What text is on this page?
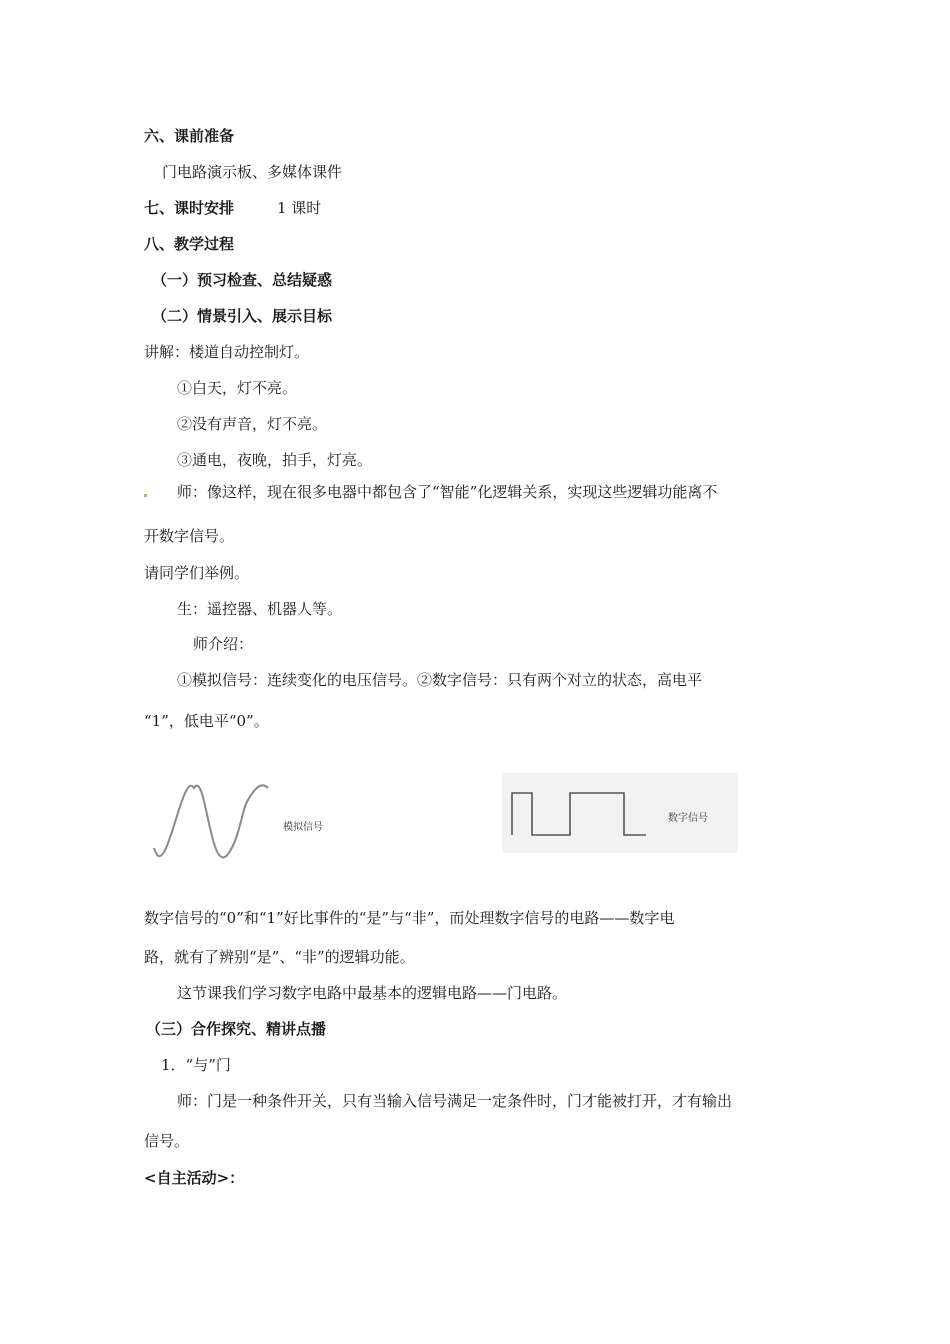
六、课前准备
门电路演示板、多媒体课件
七、课时安排	1 课时
八、教学过程
（一）预习检查、总结疑惑
（二）情景引入、展示目标
讲解：楼道自动控制灯。
①白天，灯不亮。
②没有声音，灯不亮。
③通电，夜晚，拍手，灯亮。
师：像这样，现在很多电器中都包含了“智能”化逻辑关系，实现这些逻辑功能离不
开数字信号。
请同学们举例。
生：遥控器、机器人等。
师介绍：
①模拟信号：连续变化的电压信号。②数字信号：只有两个对立的状态，高电平
“1”，低电平“0”。
模拟信号
数字信号
数字信号的“0”和“1”好比事件的“是”与“非”，而处理数字信号的电路——数字电
路，就有了辨别“是”、“非”的逻辑功能。
这节课我们学习数字电路中最基本的逻辑电路——门电路。
（三）合作探究、精讲点播
1．“与”门
师：门是一种条件开关，只有当输入信号满足一定条件时，门才能被打开，才有输出
信号。
<自主活动>：
